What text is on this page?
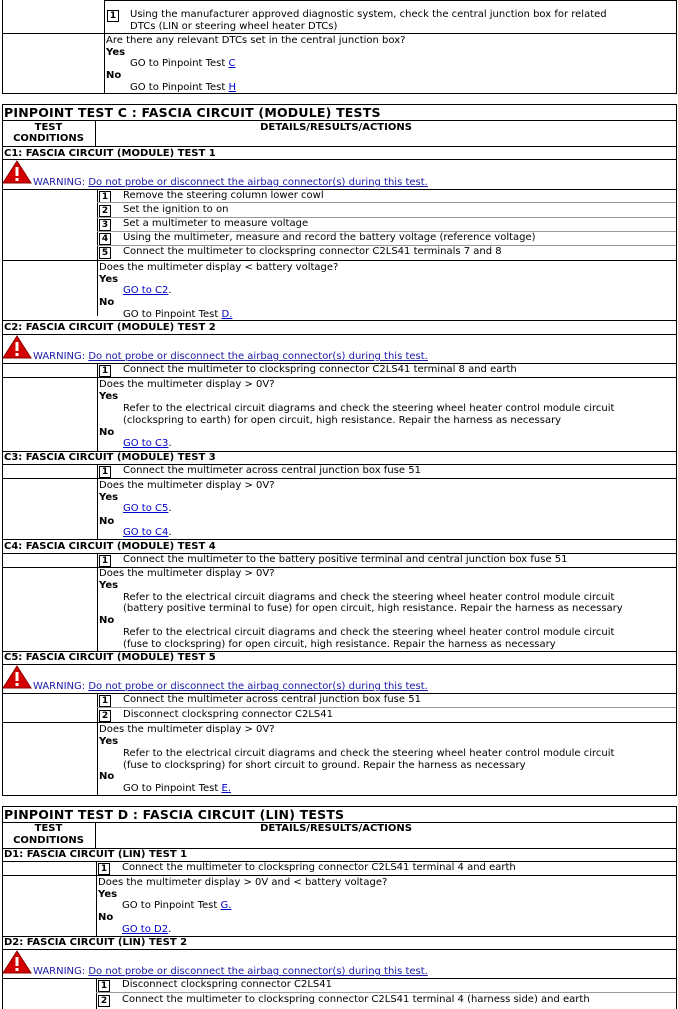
1 Using the manufacturer approved diagnostic system, check the central junction box for related
DTCs (LIN or steering wheel heater DTCs)
Are there any relevant DTCs set in the central junction box?
Yes
GO to Pinpoint Test C
No
GO to Pinpoint Test H
PINPOINT TEST C : FASCIA CIRCUIT (MODULE) TESTS
TEST
CONDITIONS
DETAILS/RESULTS/ACTIONS
C1: FASCIA CIRCUIT (MODULE) TEST 1
WARNING: Do not probe or disconnect the airbag connector(s) during this test.
1 Remove the steering column lower cowl
2 Set the ignition to on
3 Set a multimeter to measure voltage
4 Using the multimeter, measure and record the battery voltage (reference voltage)
5 Connect the multimeter to clockspring connector C2LS41 terminals 7 and 8
Does the multimeter display < battery voltage?
Yes
GO to C2.
No
GO to Pinpoint Test D.
C2: FASCIA CIRCUIT (MODULE) TEST 2
WARNING: Do not probe or disconnect the airbag connector(s) during this test.
1 Connect the multimeter to clockspring connector C2LS41 terminal 8 and earth
Does the multimeter display > 0V?
Yes
Refer to the electrical circuit diagrams and check the steering wheel heater control module circuit
(clockspring to earth) for open circuit, high resistance. Repair the harness as necessary
No
GO to C3.
C3: FASCIA CIRCUIT (MODULE) TEST 3
1 Connect the multimeter across central junction box fuse 51
Does the multimeter display > 0V?
Yes
GO to C5.
No
GO to C4.
C4: FASCIA CIRCUIT (MODULE) TEST 4
1 Connect the multimeter to the battery positive terminal and central junction box fuse 51
Does the multimeter display > 0V?
Yes
Refer to the electrical circuit diagrams and check the steering wheel heater control module circuit
(battery positive terminal to fuse) for open circuit, high resistance. Repair the harness as necessary
No
Refer to the electrical circuit diagrams and check the steering wheel heater control module circuit
(fuse to clockspring) for open circuit, high resistance. Repair the harness as necessary
C5: FASCIA CIRCUIT (MODULE) TEST 5
WARNING: Do not probe or disconnect the airbag connector(s) during this test.
1 Connect the multimeter across central junction box fuse 51
2 Disconnect clockspring connector C2LS41
Does the multimeter display > 0V?
Yes
Refer to the electrical circuit diagrams and check the steering wheel heater control module circuit
(fuse to clockspring) for short circuit to ground. Repair the harness as necessary
No
GO to Pinpoint Test E.
PINPOINT TEST D : FASCIA CIRCUIT (LIN) TESTS
TEST
CONDITIONS
DETAILS/RESULTS/ACTIONS
D1: FASCIA CIRCUIT (LIN) TEST 1
1 Connect the multimeter to clockspring connector C2LS41 terminal 4 and earth
Does the multimeter display > 0V and < battery voltage?
Yes
GO to Pinpoint Test G.
No
GO to D2.
D2: FASCIA CIRCUIT (LIN) TEST 2
WARNING: Do not probe or disconnect the airbag connector(s) during this test.
1 Disconnect clockspring connector C2LS41
2 Connect the multimeter to clockspring connector C2LS41 terminal 4 (harness side) and earth
